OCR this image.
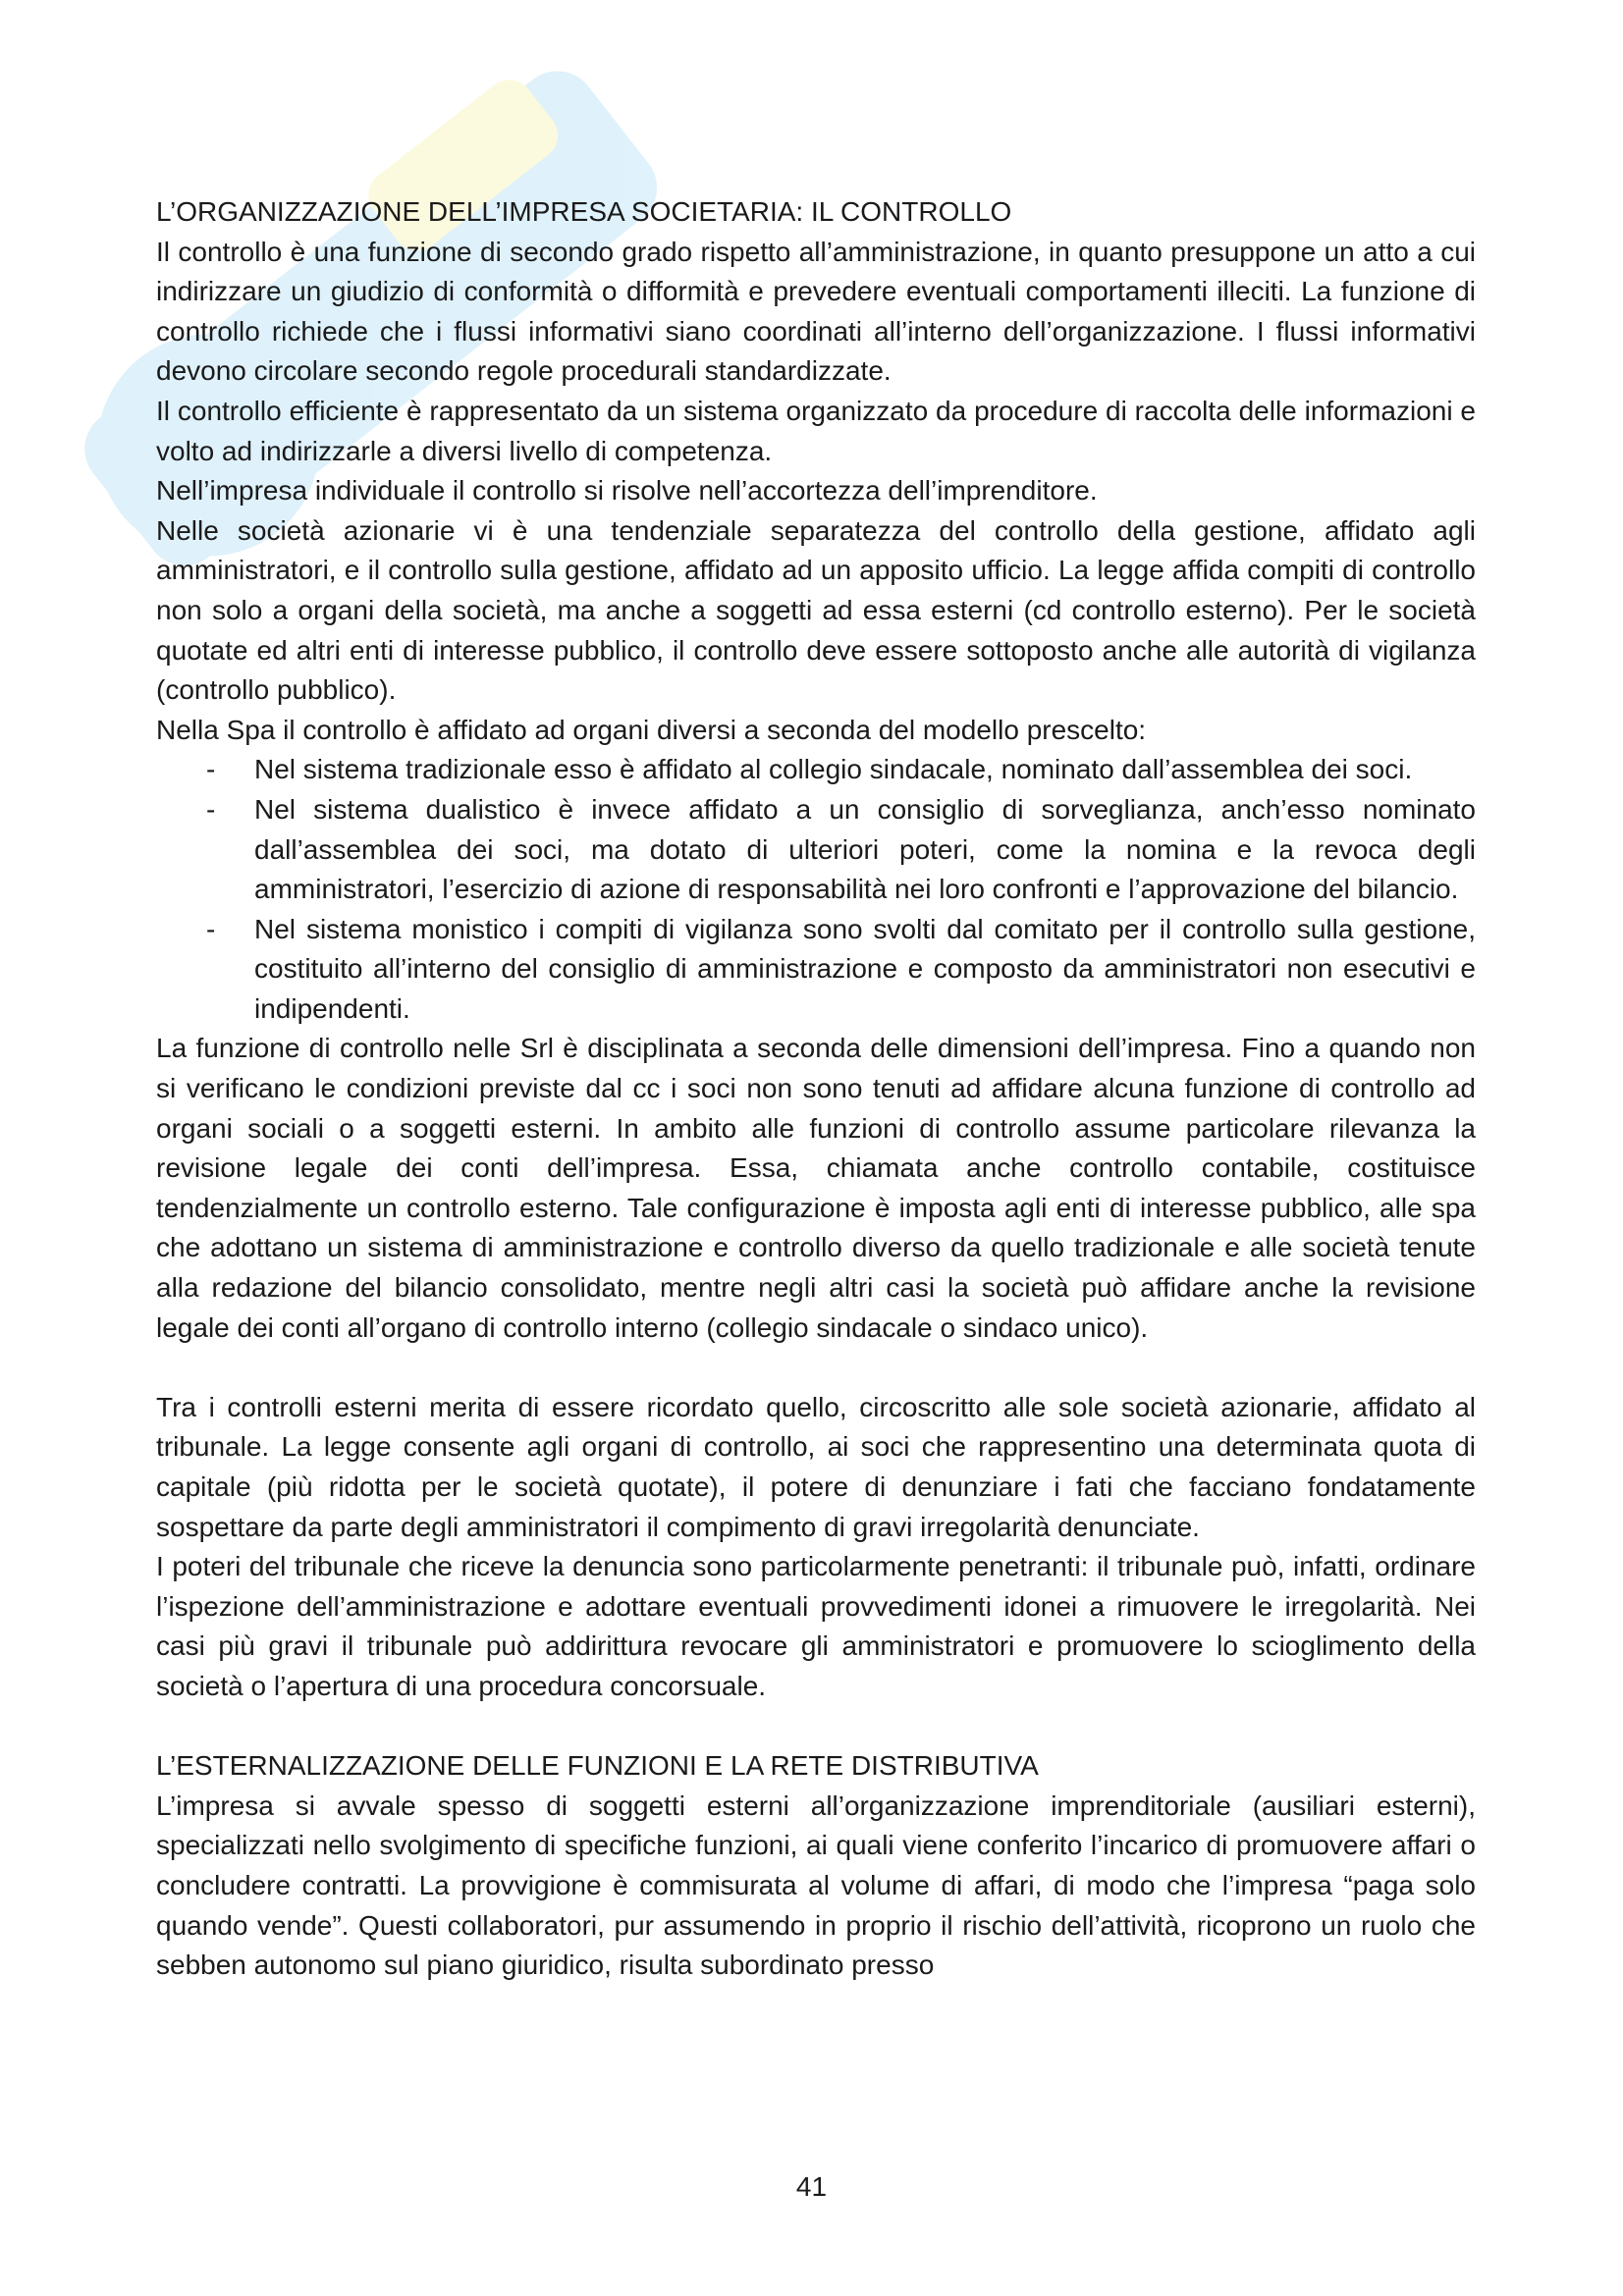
L’ORGANIZZAZIONE DELL’IMPRESA SOCIETARIA: IL CONTROLLO

Il controllo è una funzione di secondo grado rispetto all’amministrazione, in quanto presuppone un atto a cui indirizzare un giudizio di conformità o difformità e prevedere eventuali comportamenti illeciti. La funzione di controllo richiede che i flussi informativi siano coordinati all’interno dell’organizzazione. I flussi informativi devono circolare secondo regole procedurali standardizzate.

Il controllo efficiente è rappresentato da un sistema organizzato da procedure di raccolta delle informazioni e volto ad indirizzarle a diversi livello di competenza.

Nell’impresa individuale il controllo si risolve nell’accortezza dell’imprenditore.

Nelle società azionarie vi è una tendenziale separatezza del controllo della gestione, affidato agli amministratori, e il controllo sulla gestione, affidato ad un apposito ufficio. La legge affida compiti di controllo non solo a organi della società, ma anche a soggetti ad essa esterni (cd controllo esterno). Per le società quotate ed altri enti di interesse pubblico, il controllo deve essere sottoposto anche alle autorità di vigilanza (controllo pubblico).

Nella Spa il controllo è affidato ad organi diversi a seconda del modello prescelto:

- Nel sistema tradizionale esso è affidato al collegio sindacale, nominato dall’assemblea dei soci.
- Nel sistema dualistico è invece affidato a un consiglio di sorveglianza, anch’esso nominato dall’assemblea dei soci, ma dotato di ulteriori poteri, come la nomina e la revoca degli amministratori, l’esercizio di azione di responsabilità nei loro confronti e l’approvazione del bilancio.
- Nel sistema monistico i compiti di vigilanza sono svolti dal comitato per il controllo sulla gestione, costituito all’interno del consiglio di amministrazione e composto da amministratori non esecutivi e indipendenti.

La funzione di controllo nelle Srl è disciplinata a seconda delle dimensioni dell’impresa. Fino a quando non si verificano le condizioni previste dal cc i soci non sono tenuti ad affidare alcuna funzione di controllo ad organi sociali o a soggetti esterni. In ambito alle funzioni di controllo assume particolare rilevanza la revisione legale dei conti dell’impresa. Essa, chiamata anche controllo contabile, costituisce tendenzialmente un controllo esterno. Tale configurazione è imposta agli enti di interesse pubblico, alle spa che adottano un sistema di amministrazione e controllo diverso da quello tradizionale e alle società tenute alla redazione del bilancio consolidato, mentre negli altri casi la società può affidare anche la revisione legale dei conti all’organo di controllo interno (collegio sindacale o sindaco unico).

Tra i controlli esterni merita di essere ricordato quello, circoscritto alle sole società azionarie, affidato al tribunale. La legge consente agli organi di controllo, ai soci che rappresentino una determinata quota di capitale (più ridotta per le società quotate), il potere di denunziare i fati che facciano fondatamente sospettare da parte degli amministratori il compimento di gravi irregolarità denunciate.

I poteri del tribunale che riceve la denuncia sono particolarmente penetranti: il tribunale può, infatti, ordinare l’ispezione dell’amministrazione e adottare eventuali provvedimenti idonei a rimuovere le irregolarità. Nei casi più gravi il tribunale può addirittura revocare gli amministratori e promuovere lo scioglimento della società o l’apertura di una procedura concorsuale.

L’ESTERNALIZZAZIONE DELLE FUNZIONI E LA RETE DISTRIBUTIVA

L’impresa si avvale spesso di soggetti esterni all’organizzazione imprenditoriale (ausiliari esterni), specializzati nello svolgimento di specifiche funzioni, ai quali viene conferito l’incarico di promuovere affari o concludere contratti. La provvigione è commisurata al volume di affari, di modo che l’impresa “paga solo quando vende”. Questi collaboratori, pur assumendo in proprio il rischio dell’attività, ricoprono un ruolo che sebben autonomo sul piano giuridico, risulta subordinato presso

41
